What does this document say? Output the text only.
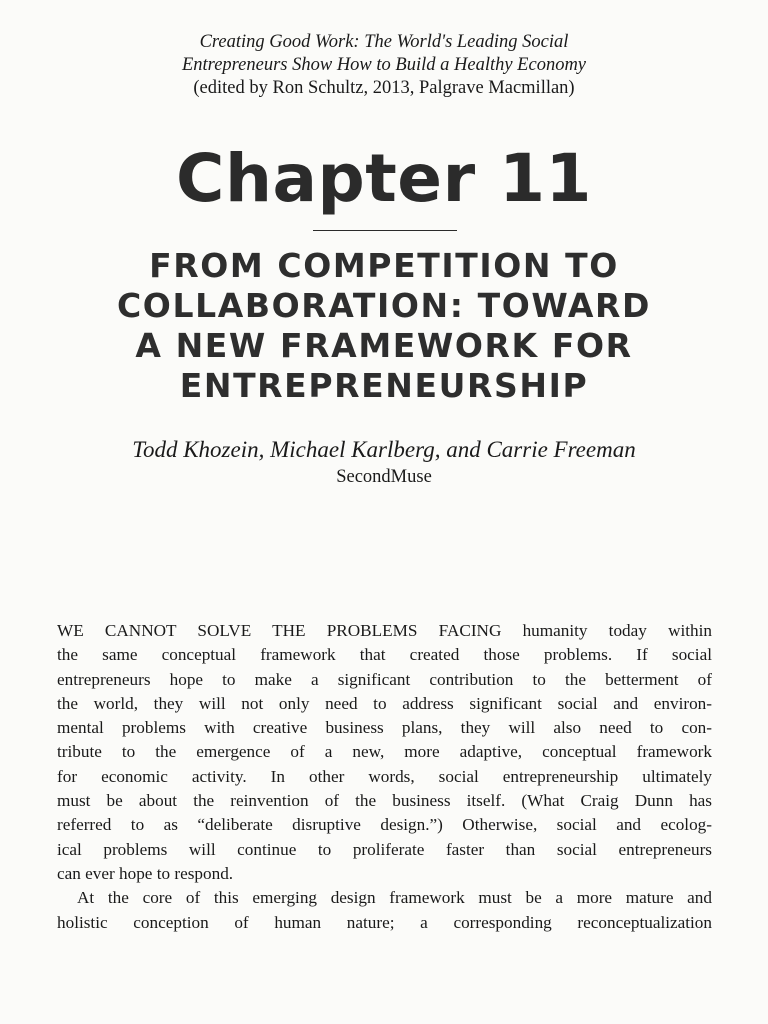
Creating Good Work: The World's Leading Social
Entrepreneurs Show How to Build a Healthy Economy
(edited by Ron Schultz, 2013, Palgrave Macmillan)
Chapter 11
FROM COMPETITION TO
COLLABORATION: TOWARD
A NEW FRAMEWORK FOR
ENTREPRENEURSHIP
Todd Khozein, Michael Karlberg, and Carrie Freeman
SecondMuse
WE CANNOT SOLVE THE PROBLEMS FACING humanity today within
the same conceptual framework that created those problems. If social
entrepreneurs hope to make a significant contribution to the betterment of
the world, they will not only need to address significant social and environ-
mental problems with creative business plans, they will also need to con-
tribute to the emergence of a new, more adaptive, conceptual framework
for economic activity. In other words, social entrepreneurship ultimately
must be about the reinvention of the business itself. (What Craig Dunn has
referred to as “deliberate disruptive design.”) Otherwise, social and ecolog-
ical problems will continue to proliferate faster than social entrepreneurs
can ever hope to respond.
At the core of this emerging design framework must be a more mature and
holistic conception of human nature; a corresponding reconceptualization
